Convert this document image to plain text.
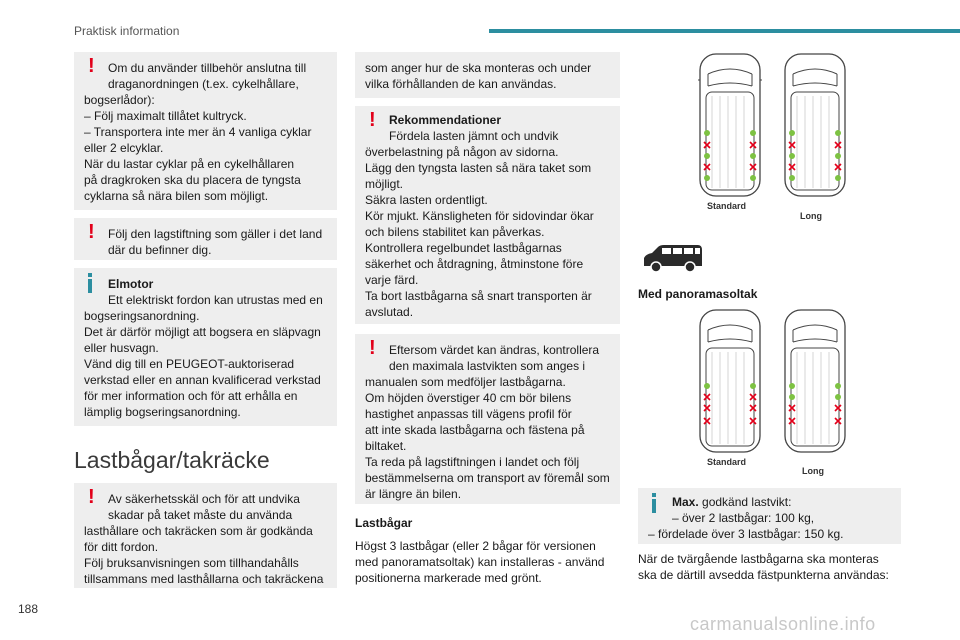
Praktisk information
!	Om du använder tillbehör anslutna till
draganordningen (t.ex. cykelhållare,
bogserlådor):
– Följ maximalt tillåtet kultryck.
– Transportera inte mer än 4 vanliga cyklar
eller 2 elcyklar.
När du lastar cyklar på en cykelhållaren
på dragkroken ska du placera de tyngsta
cyklarna så nära bilen som möjligt.
!	Följ den lagstiftning som gäller i det land
där du befinner dig.
Elmotor
Ett elektriskt fordon kan utrustas med en
bogseringsanordning.
Det är därför möjligt att bogsera en släpvagn
eller husvagn.
Vänd dig till en PEUGEOT-auktoriserad
verkstad eller en annan kvalificerad verkstad
för mer information och för att erhålla en
lämplig bogseringsanordning.
Lastbågar/takräcke
!	Av säkerhetsskäl och för att undvika
skadar på taket måste du använda
lasthållare och takräcken som är godkända
för ditt fordon.
Följ bruksanvisningen som tillhandahålls
tillsammans med lasthållarna och takräckena
som anger hur de ska monteras och under
vilka förhållanden de kan användas.
!	Rekommendationer
Fördela lasten jämnt och undvik
överbelastning på någon av sidorna.
Lägg den tyngsta lasten så nära taket som
möjligt.
Säkra lasten ordentligt.
Kör mjukt. Känsligheten för sidovindar ökar
och bilens stabilitet kan påverkas.
Kontrollera regelbundet lastbågarnas
säkerhet och åtdragning, åtminstone före
varje färd.
Ta bort lastbågarna så snart transporten är
avslutad.
!	Eftersom värdet kan ändras, kontrollera
den maximala lastvikten som anges i
manualen som medföljer lastbågarna.
Om höjden överstiger 40 cm bör bilens
hastighet anpassas till vägens profil för
att inte skada lastbågarna och fästena på
biltaket.
Ta reda på lagstiftningen i landet och följ
bestämmelserna om transport av föremål som
är längre än bilen.
Lastbågar
Högst 3 lastbågar (eller 2 bågar för versionen
med panoramatsoltak) kan installeras - använd
positionerna markerade med grönt.
Standard
Long
Med panoramasoltak
Standard
Long
Max. godkänd lastvikt:
– över 2 lastbågar: 100 kg,
– fördelade över 3 lastbågar: 150 kg.
När de tvärgående lastbågarna ska monteras
ska de därtill avsedda fästpunkterna användas:
188
carmanualsonline.info
